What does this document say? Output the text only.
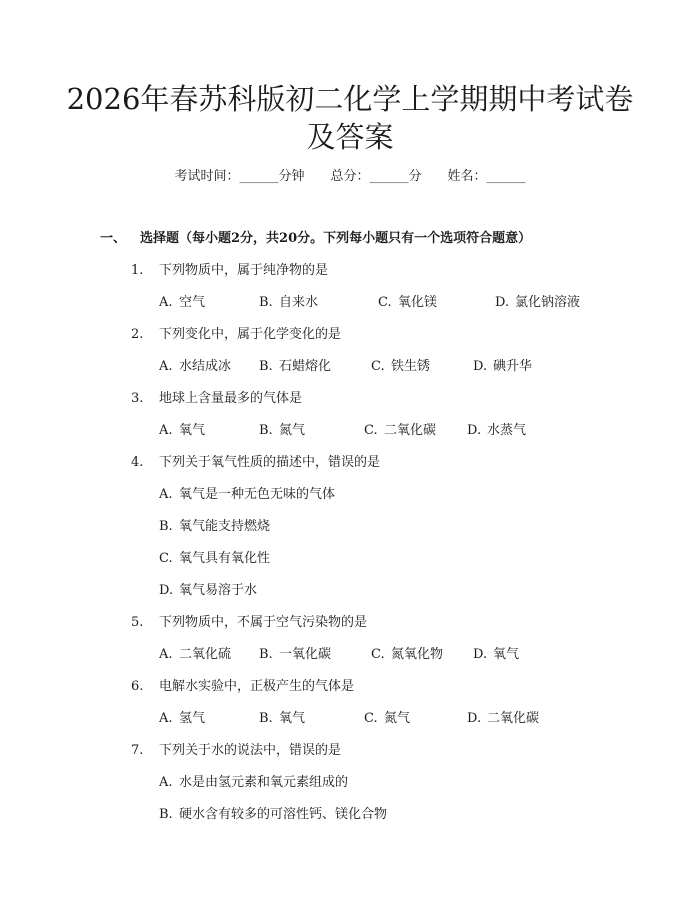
2026年春苏科版初二化学上学期期中考试卷
及答案
考试时间：______分钟 总分：______分 姓名：______
一、 选择题（每小题2分，共20分。下列每小题只有一个选项符合题意）
1. 下列物质中，属于纯净物的是
A. 空气	B. 自来水	C. 氧化镁	D. 氯化钠溶液
2. 下列变化中，属于化学变化的是
A. 水结成冰 B. 石蜡熔化	C. 铁生锈	D. 碘升华
3. 地球上含量最多的气体是
A. 氧气	B. 氮气	C. 二氧化碳 D. 水蒸气
4. 下列关于氧气性质的描述中，错误的是
A. 氧气是一种无色无味的气体
B. 氧气能支持燃烧
C. 氧气具有氧化性
D. 氧气易溶于水
5. 下列物质中，不属于空气污染物的是
A. 二氧化硫 B. 一氧化碳	C. 氮氧化物 D. 氧气
6. 电解水实验中，正极产生的气体是
A. 氢气	B. 氧气	C. 氮气	D. 二氧化碳
7. 下列关于水的说法中，错误的是
A. 水是由氢元素和氧元素组成的
B. 硬水含有较多的可溶性钙、镁化合物
